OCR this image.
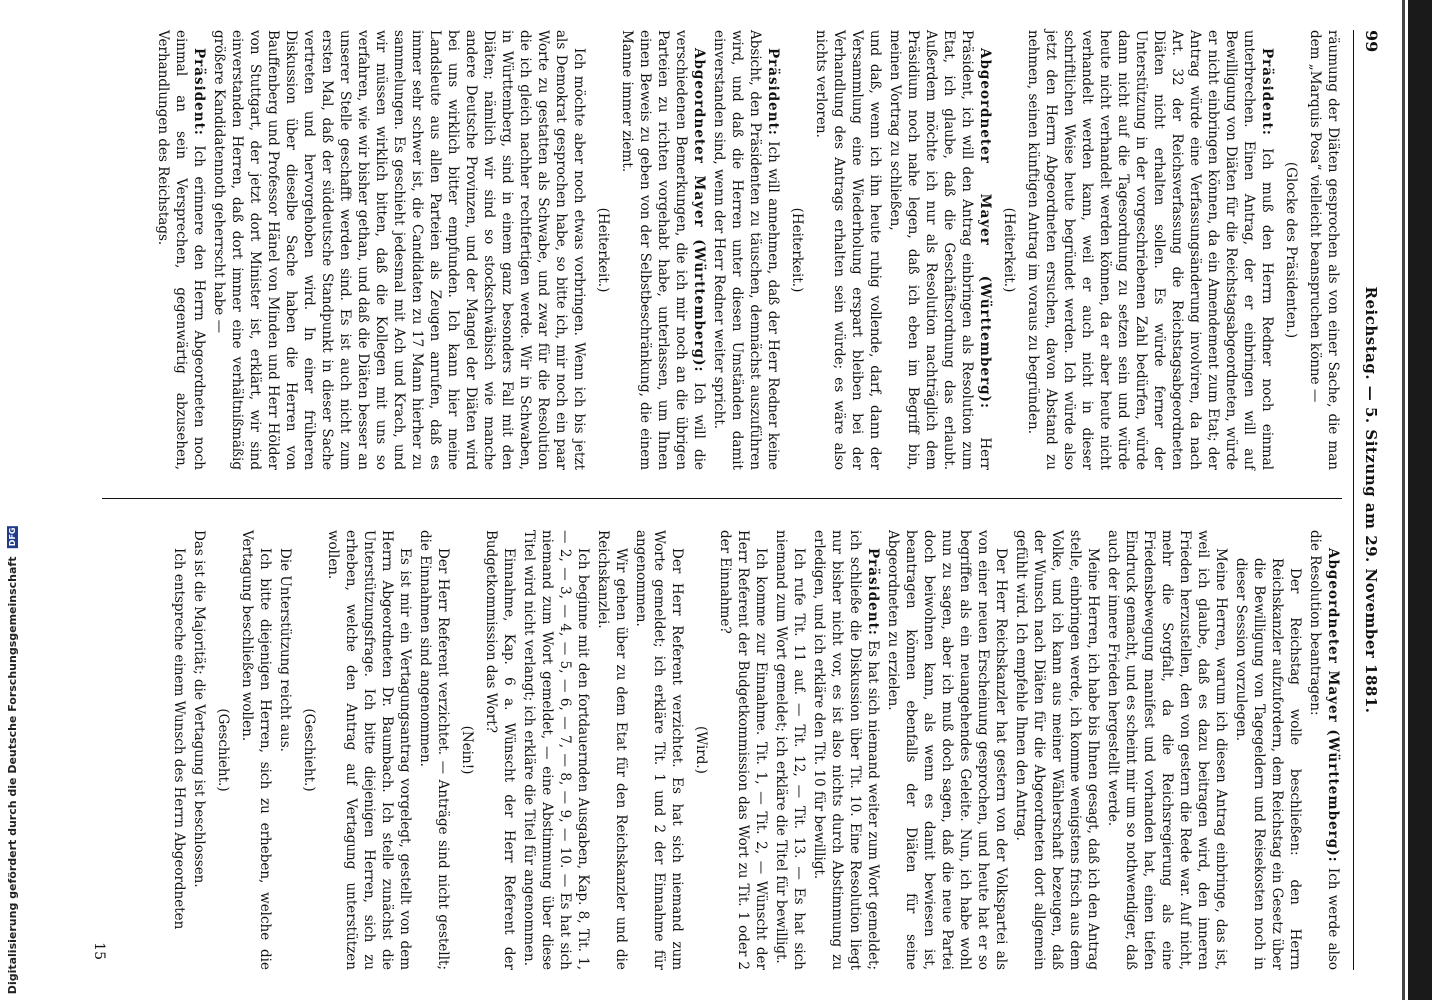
Digitalisierung gefördert durch die Deutsche Forschungsgemeinschaft DFG
99
Reichstag. — 5. Sitzung am 29. November 1881.

räumung der Diäten gesprochen als von einer Sache, die man dem „Marquis Posa“ vielleicht beanspruchen könne —

(Glocke des Präsidenten.)

Präsident: Ich muß den Herrn Redner noch einmal unterbrechen. Einen Antrag, der er einbringen will auf Bewilligung von Diäten für die Reichstagsabgeordneten, würde er nicht einbringen können, da ein Amendement zum Etat; der Antrag würde eine Verfassungsänderung involviren, da nach Art. 32 der Reichsverfassung die Reichstagsabgeordneten Diäten nicht erhalten sollen. Es würde ferner der Unterstützung in der vorgeschriebenen Zahl bedürfen, würde dann nicht auf die Tagesordnung zu setzen sein und würde heute nicht verhandelt werden können, da er aber heute nicht verhandelt werden kann, weil er auch nicht in dieser schriftlichen Weise heute begründet werden. Ich würde also jetzt den Herrn Abgeordneten ersuchen, davon Abstand zu nehmen, seinen künftigen Antrag im voraus zu begründen.

(Heiterkeit.)

Abgeordneter Mayer (Württemberg): Herr Präsident, ich will den Antrag einbringen als Resolution zum Etat, ich glaube, daß die Geschäftsordnung das erlaubt. Außerdem möchte ich nur als Resolution nachträglich dem Präsidium noch nahe legen, daß ich eben im Begriff bin, meinen Vortrag zu schließen,

und daß, wenn ich ihn heute ruhig vollende, darf, dann der Versammlung eine Wiederholung erspart bleiben bei der Verhandlung des Antrags erhalten sein würde; es wäre also nichts verloren.

(Heiterkeit.)

Präsident: Ich will annehmen, daß der Herr Redner keine Absicht, den Präsidenten zu täuschen, demnächst auszuführen wird, und daß die Herren unter diesen Umständen damit einverstanden sind, wenn der Herr Redner weiter spricht.

Abgeordneter Mayer (Württemberg): Ich will die verschiedenen Bemerkungen, die ich mir noch an die übrigen Parteien zu richten vorgehabt habe, unterlassen, um Ihnen einen Beweis zu geben von der Selbstbeschränkung, die einem Manne immer ziemt.

(Heiterkeit.)

Ich möchte aber noch etwas vorbringen. Wenn ich bis jetzt als Demokrat gesprochen habe, so bitte ich, mir noch ein paar Worte zu gestatten als Schwabe, und zwar für die Resolution die ich gleich nachher rechtfertigen werde. Wir in Schwaben, in Württemberg, sind in einem ganz besonders Fall mit den Diäten; nämlich wir sind so stockschwäbisch wie manche andere Deutsche Provinzen, und der Mangel der Diäten wird bei uns wirklich bitter empfunden. Ich kann hier meine Landsleute aus allen Parteien als Zeugen anrufen, daß es immer sehr schwer ist, die Candidaten zu 17 Mann hierher zu sammelungen. Es geschieht jedesmal mit Ach und Krach, und wir müssen wirklich bitten, daß die Kollegen mit uns so verfahren, wie wir bisher gethan, und daß die Diäten besser an unserer Stelle geschafft werden sind. Es ist auch nicht zum ersten Mal, daß der süddeutsche Standpunkt in dieser Sache vertreten und hervorgehoben wird. In einer früheren Diskussion über dieselbe Sache haben die Herren von Bauffenberg und Professor Hänel von Minden und Herr Hölder von Stuttgart, der jetzt dort Minister ist, erklärt, wir sind einverstanden Herren, daß dort immer eine verhältnißmäßig größere Kandidatennoth geherrscht habe —

Präsident: Ich erinnere den Herrn Abgeordneten noch einmal an sein Versprechen, gegenwärtig abzusehen, Verhandlungen des Reichstags.

Abgeordneter Mayer (Württemberg): Ich werde also die Resolution beantragen:

Der Reichstag wolle beschließen: den Herrn Reichskanzler aufzufordern, dem Reichstag ein Gesetz über die Bewilligung von Tagegeldern und Reisekosten noch in dieser Session vorzulegen.

Meine Herren, warum ich diesen Antrag einbringe, das ist, weil ich glaube, daß es dazu beitragen wird, den inneren Frieden herzustellen, den von gestern die Rede war. Auf nicht, mehr die Sorgfalt, da die Reichsregierung als eine Friedensbewegung manifest und vorhanden hat, einen tiefen Eindruck gemacht, und es scheint mir um so nothwendiger, daß auch der innere Frieden hergestellt werde.

Meine Herren, ich habe bis Ihnen gesagt, daß ich den Antrag stelle, einbringen werde, ich komme wenigstens frisch aus dem Volke, und ich kann aus meiner Wählerschaft bezeugen, daß der Wunsch nach Diäten für die Abgeordneten dort allgemein gefühlt wird. Ich empfehle Ihnen den Antrag.

Der Herr Reichskanzler hat gestern von der Volkspartei als von einer neuen Erscheinung gesprochen, und heute hat er so begriffen als ein neuangehendes Geleite. Nun, ich habe wohl nun zu sagen, aber ich muß doch sagen, daß die neue Partei doch beiwohnen kann, als wenn es damit bewiesen ist, beantragen können ebenfalls der Diäten für seine Abgeordneten zu erzielen.

Präsident: Es hat sich niemand weiter zum Wort gemeldet; ich schließe die Diskussion über Tit. 10. Eine Resolution liegt nur bisher nicht vor, es ist also nichts durch Abstimmung zu erledigen, und ich erkläre den Tit. 10 für bewilligt.

Ich rufe Tit. 11 auf. — Tit. 12, — Tit. 13. — Es hat sich niemand zum Wort gemeldet; ich erkläre die Titel für bewilligt.

Ich komme zur Einnahme. Tit. 1, — Tit. 2, — Wünscht der Herr Referent der Budgetkommission das Wort zu Tit. 1 oder 2 der Einnahme?

(Wird.)

Der Herr Referent verzichtet. Es hat sich niemand zum Worte gemeldet; ich erkläre Tit. 1 und 2 der Einnahme für angenommen.

Wir gehen über zu dem Etat für den Reichskanzler und die Reichskanzlei.

Ich beginne mit den fortdauernden Ausgaben, Kap. 8, Tit. 1, — 2, — 3, — 4, — 5, — 6, — 7, — 8, — 9, — 10. — Es hat sich niemand zum Wort gemeldet, — eine Abstimmung über diese Titel wird nicht verlangt; ich erkläre die Titel für angenommen.

Einnahme, Kap. 6 a. Wünscht der Herr Referent der Budgetkommission das Wort?

(Nein!)

Der Herr Referent verzichtet. — Anträge sind nicht gestellt; die Einnahmen sind angenommen.

Es ist mir ein Vertagungsantrag vorgelegt, gestellt von dem Herrn Abgeordneten Dr. Baumbach. Ich stelle zunächst die Unterstützungsfrage. Ich bitte diejenigen Herren, sich zu erheben, welche den Antrag auf Vertagung unterstützen wollen.

(Geschieht.)

Die Unterstützung reicht aus.

Ich bitte diejenigen Herren, sich zu erheben, welche die Vertagung beschließen wollen.

(Geschieht.)

Das ist die Majorität; die Vertagung ist beschlossen.

Ich entspreche einem Wunsch des Herrn Abgeordneten

15
